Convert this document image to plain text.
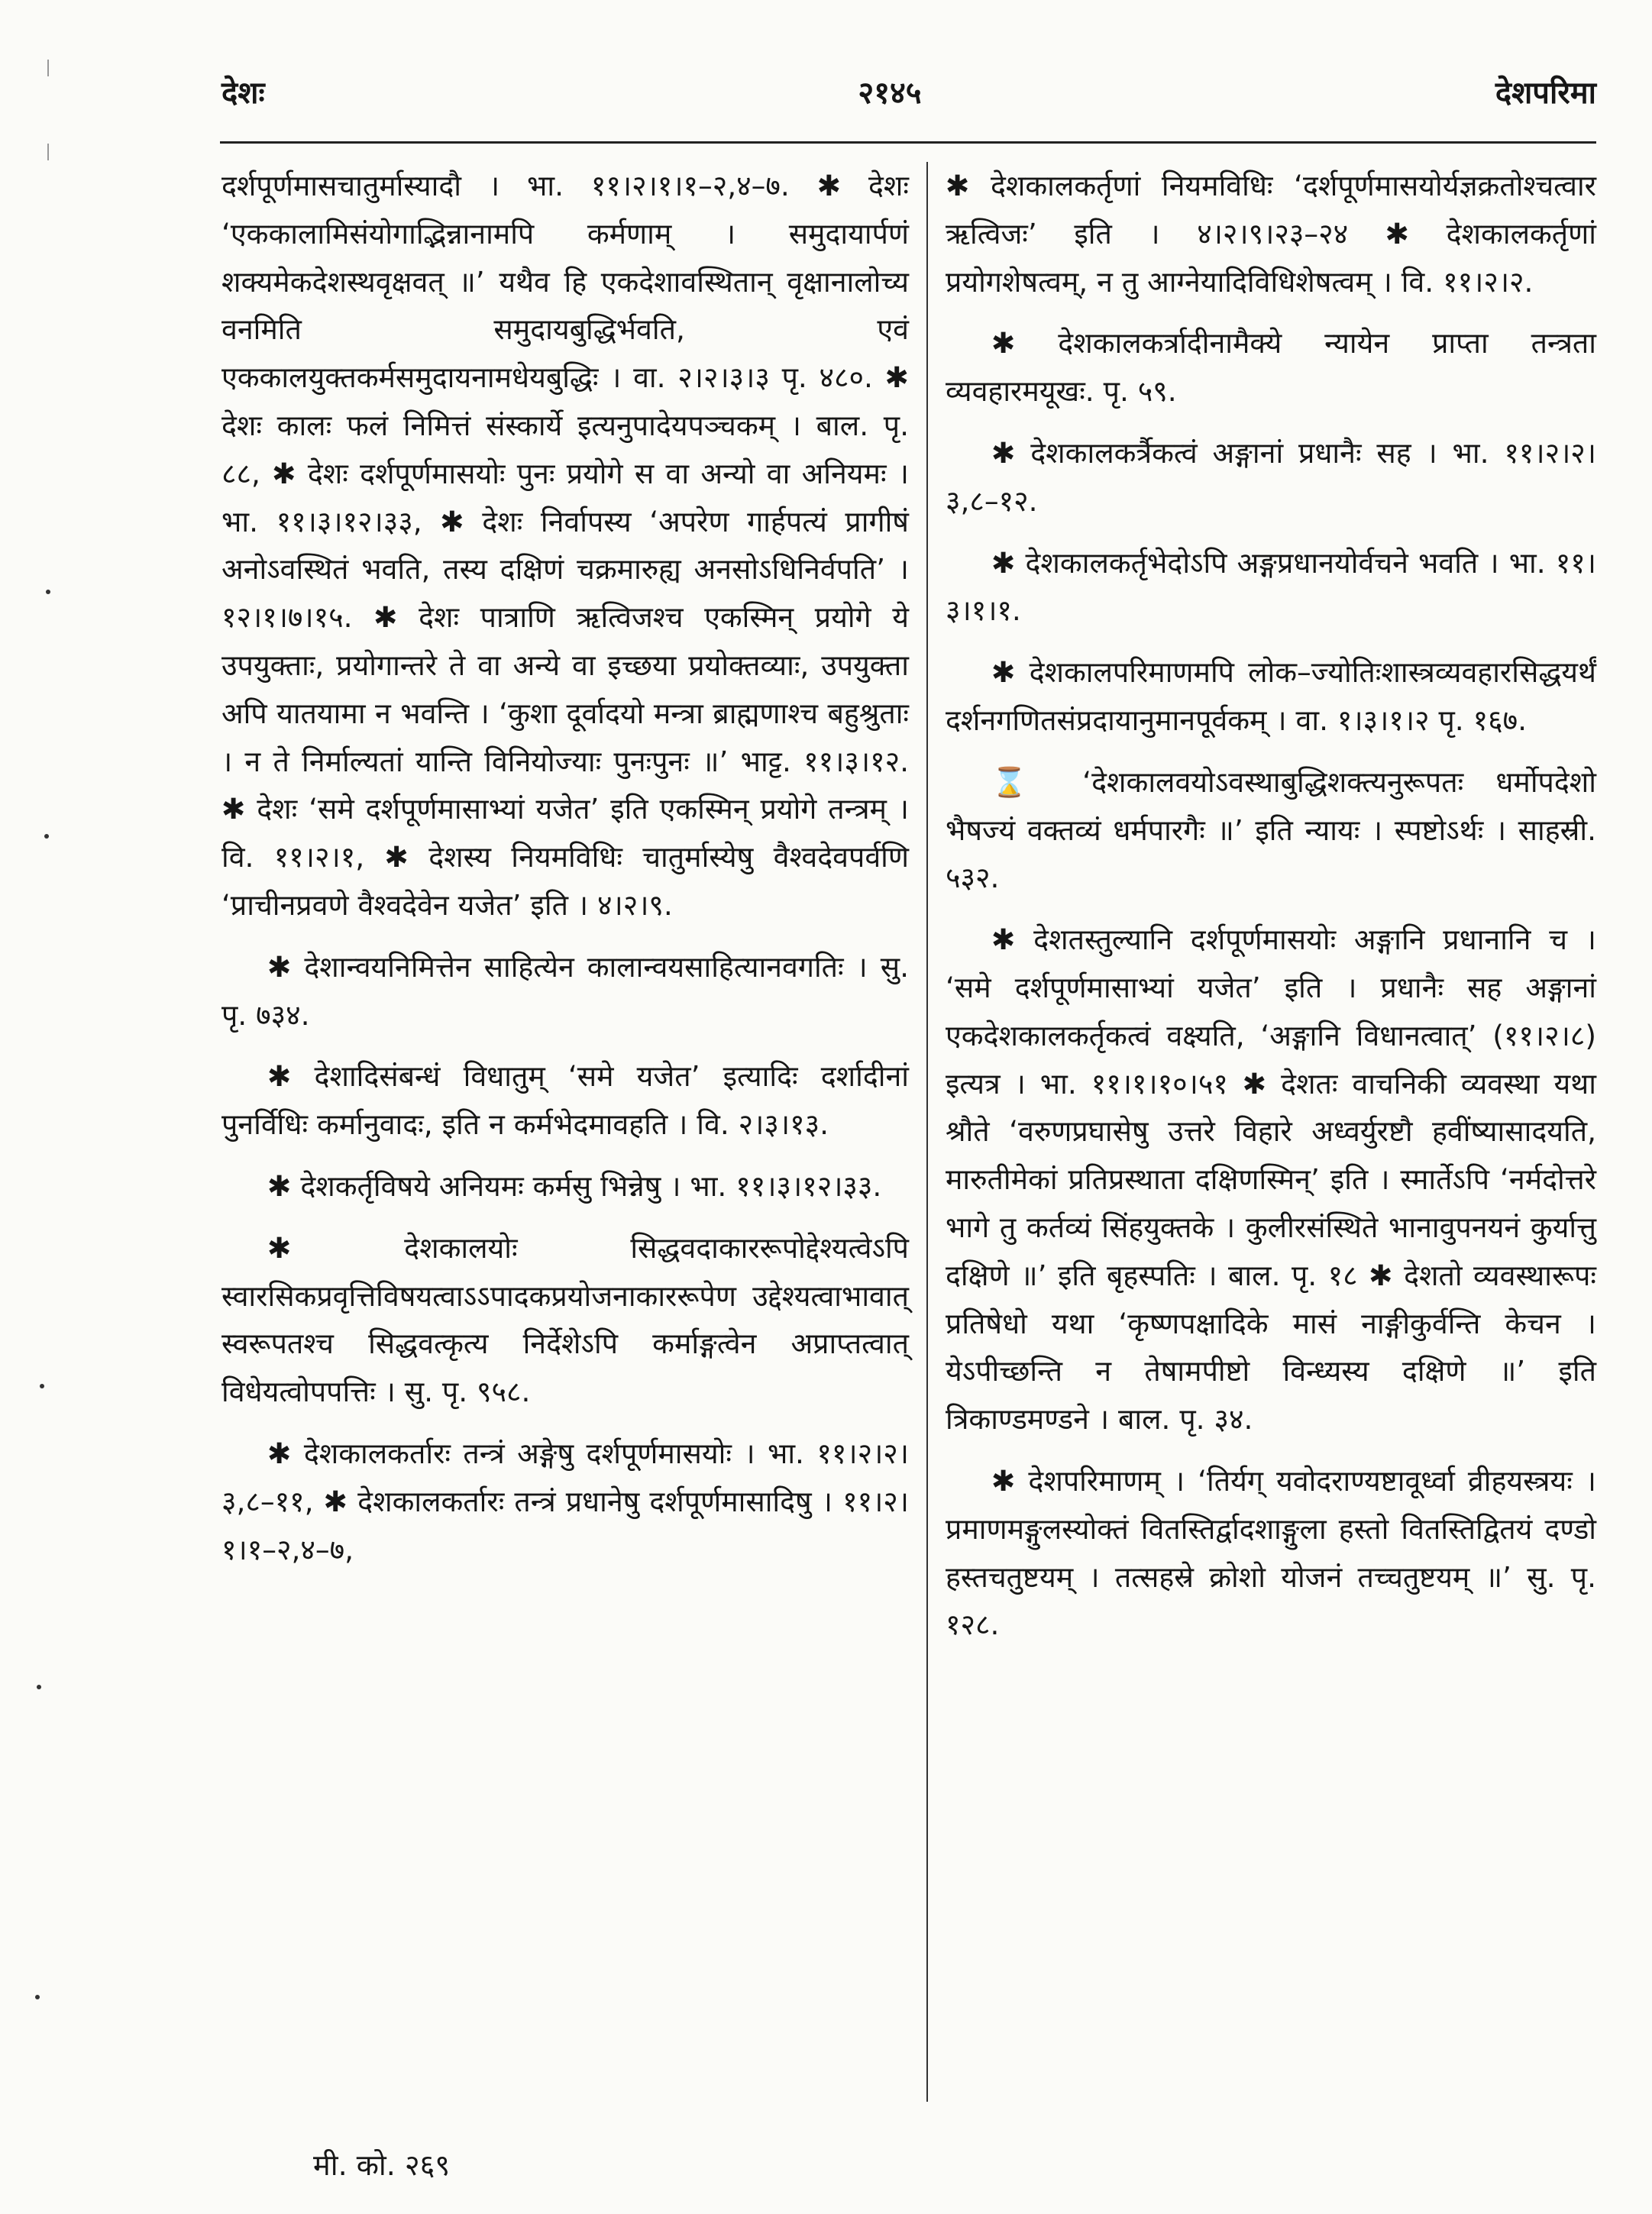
देशः	२१४५	देशपरिमा

दर्शपूर्णमासचातुर्मास्यादौ । भा. ११।२।१।१–२,४–७. ✱ देशः ‘एककालामिसंयोगाद्भिन्नानामपि कर्मणाम् । समुदायार्पणं शक्यमेकदेशस्थवृक्षवत् ॥’ यथैव हि एकदेशावस्थितान् वृक्षानालोच्य वनमिति समुदायबुद्धिर्भवति, एवं एककालयुक्तकर्मसमुदायनामधेयबुद्धिः । वा. २।२।३।३ पृ. ४८०. ✱ देशः कालः फलं निमित्तं संस्कार्ये इत्यनुपादेयपञ्चकम् । बाल. पृ. ८८, ✱ देशः दर्शपूर्णमासयोः पुनः प्रयोगे स वा अन्यो वा अनियमः । भा. ११।३।१२।३३, ✱ देशः निर्वापस्य ‘अपरेण गार्हपत्यं प्रागीषं अनोऽवस्थितं भवति, तस्य दक्षिणं चक्रमारुह्य अनसोऽधिनिर्वपति’ । १२।१।७।१५. ✱ देशः पात्राणि ऋत्विजश्च एकस्मिन् प्रयोगे ये उपयुक्ताः, प्रयोगान्तरे ते वा अन्ये वा इच्छया प्रयोक्तव्याः, उपयुक्ता अपि यातयामा न भवन्ति । ‘कुशा दूर्वादयो मन्त्रा ब्राह्मणाश्च बहुश्रुताः । न ते निर्माल्यतां यान्ति विनियोज्याः पुनःपुनः ॥’ भाट्ट. ११।३।१२. ✱ देशः ‘समे दर्शपूर्णमासाभ्यां यजेत’ इति एकस्मिन् प्रयोगे तन्त्रम् । वि. ११।२।१, ✱ देशस्य नियमविधिः चातुर्मास्येषु वैश्वदेवपर्वणि ‘प्राचीनप्रवणे वैश्वदेवेन यजेत’ इति । ४।२।९.

✱ देशान्वयनिमित्तेन साहित्येन कालान्वयसाहित्यानवगतिः । सु. पृ. ७३४.

✱ देशादिसंबन्धं विधातुम् ‘समे यजेत’ इत्यादिः दर्शादीनां पुनर्विधिः कर्मानुवादः, इति न कर्मभेदमावहति । वि. २।३।१३.

✱ देशकर्तृविषये अनियमः कर्मसु भिन्नेषु । भा. ११।३।१२।३३.

✱ देशकालयोः सिद्धवदाकाररूपोद्देश्यत्वेऽपि स्वारसिकप्रवृत्तिविषयत्वाऽऽपादकप्रयोजनाकाररूपेण उद्देश्यत्वाभावात् स्वरूपतश्च सिद्धवत्कृत्य निर्देशेऽपि कर्माङ्गत्वेन अप्राप्तत्वात् विधेयत्वोपपत्तिः । सु. पृ. ९५८.

✱ देशकालकर्तारः तन्त्रं अङ्गेषु दर्शपूर्णमासयोः । भा. ११।२।२।३,८–११, ✱ देशकालकर्तारः तन्त्रं प्रधानेषु दर्शपूर्णमासादिषु । ११।२।१।१–२,४–७,

✱ देशकालकर्तृणां नियमविधिः ‘दर्शपूर्णमासयोर्यज्ञक्रतोश्चत्वार ऋत्विजः’ इति । ४।२।९।२३–२४ ✱ देशकालकर्तृणां प्रयोगशेषत्वम्, न तु आग्नेयादिविधिशेषत्वम् । वि. ११।२।२.

✱ देशकालकर्त्रादीनामैक्ये न्यायेन प्राप्ता तन्त्रता व्यवहारमयूखः. पृ. ५९.

✱ देशकालकर्त्रैकत्वं अङ्गानां प्रधानैः सह । भा. ११।२।२।३,८–१२.

✱ देशकालकर्तृभेदोऽपि अङ्गप्रधानयोर्वचने भवति । भा. ११।३।१।१.

✱ देशकालपरिमाणमपि लोक–ज्योतिःशास्त्रव्यवहारसिद्धयर्थं दर्शनगणितसंप्रदायानुमानपूर्वकम् । वा. १।३।१।२ पृ. १६७.

⌛ ‘देशकालवयोऽवस्थाबुद्धिशक्त्यनुरूपतः धर्मोपदेशो भैषज्यं वक्तव्यं धर्मपारगैः ॥’ इति न्यायः । स्पष्टोऽर्थः । साहस्री. ५३२.

✱ देशतस्तुल्यानि दर्शपूर्णमासयोः अङ्गानि प्रधानानि च । ‘समे दर्शपूर्णमासाभ्यां यजेत’ इति । प्रधानैः सह अङ्गानां एकदेशकालकर्तृकत्वं वक्ष्यति, ‘अङ्गानि विधानत्वात्’ (११।२।८) इत्यत्र । भा. ११।१।१०।५१ ✱ देशतः वाचनिकी व्यवस्था यथा श्रौते ‘वरुणप्रघासेषु उत्तरे विहारे अध्वर्युरष्टौ हवींष्यासादयति, मारुतीमेकां प्रतिप्रस्थाता दक्षिणस्मिन्’ इति । स्मार्तेऽपि ‘नर्मदोत्तरे भागे तु कर्तव्यं सिंहयुक्तके । कुलीरसंस्थिते भानावुपनयनं कुर्यात्तु दक्षिणे ॥’ इति बृहस्पतिः । बाल. पृ. १८ ✱ देशतो व्यवस्थारूपः प्रतिषेधो यथा ‘कृष्णपक्षादिके मासं नाङ्गीकुर्वन्ति केचन । येऽपीच्छन्ति न तेषामपीष्टो विन्ध्यस्य दक्षिणे ॥’ इति त्रिकाण्डमण्डने । बाल. पृ. ३४.

✱ देशपरिमाणम् । ‘तिर्यग् यवोदराण्यष्टावूर्ध्वा व्रीहयस्त्रयः । प्रमाणमङ्गुलस्योक्तं वितस्तिर्द्वादशाङ्गुला हस्तो वितस्तिद्वितयं दण्डो हस्तचतुष्टयम् । तत्सहस्रे क्रोशो योजनं तच्चतुष्टयम् ॥’ सु. पृ. १२८.

मी. को. २६९
